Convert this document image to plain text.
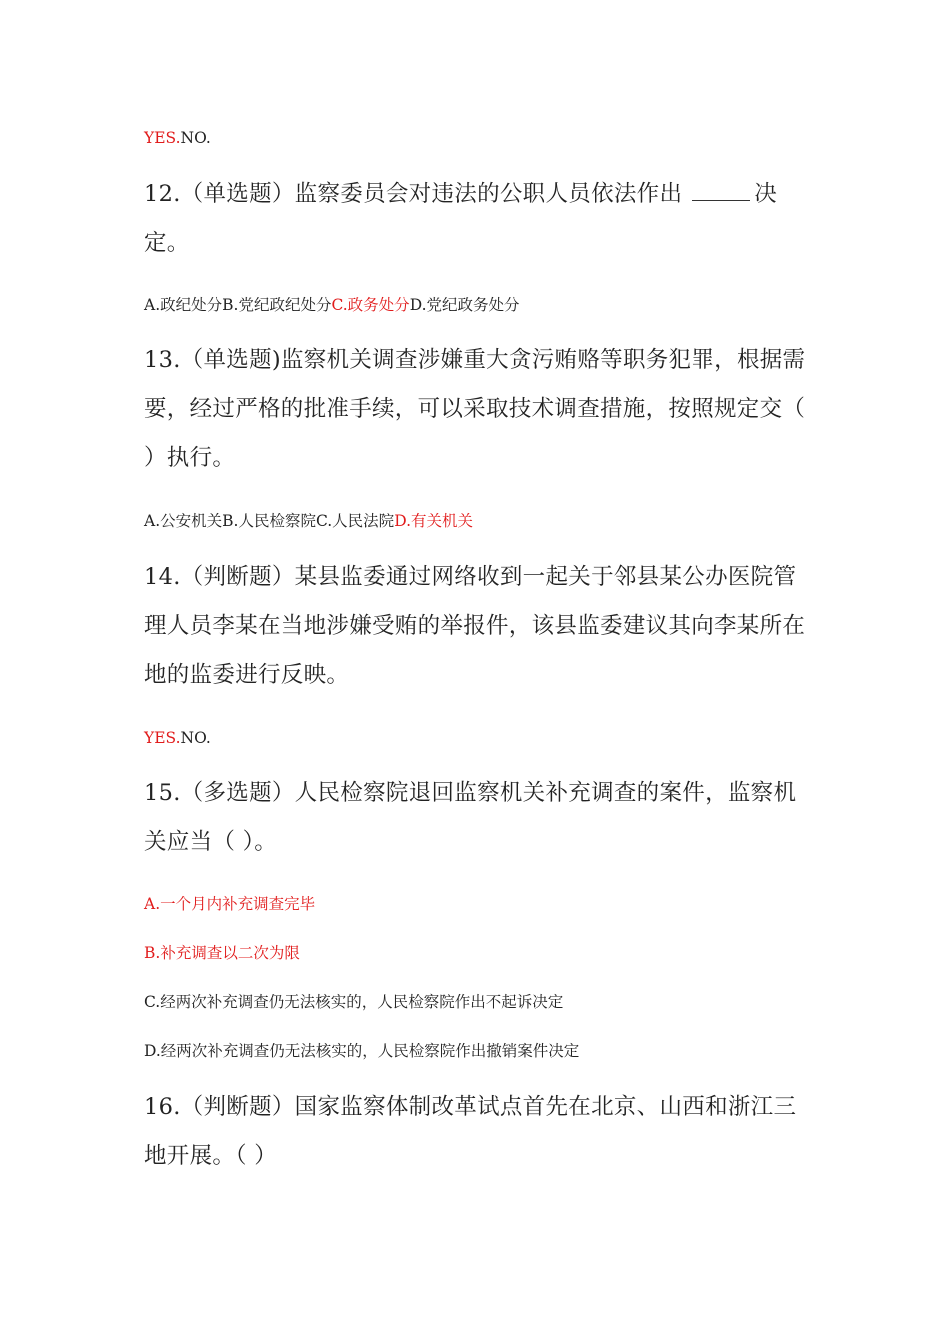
YES.NO.
12.（单选题）监察委员会对违法的公职人员依法作出	决定。
A.政纪处分B.党纪政纪处分C.政务处分D.党纪政务处分
13.（单选题)监察机关调查涉嫌重大贪污贿赂等职务犯罪，根据需要，经过严格的批准手续，可以采取技术调查措施，按照规定交（ ）执行。
A.公安机关B.人民检察院C.人民法院D.有关机关
14.（判断题）某县监委通过网络收到一起关于邻县某公办医院管理人员李某在当地涉嫌受贿的举报件，该县监委建议其向李某所在地的监委进行反映。
YES.NO.
15.（多选题）人民检察院退回监察机关补充调查的案件，监察机关应当（ ）。
A.一个月内补充调查完毕
B.补充调查以二次为限
C.经两次补充调查仍无法核实的，人民检察院作出不起诉决定
D.经两次补充调查仍无法核实的，人民检察院作出撤销案件决定
16.（判断题）国家监察体制改革试点首先在北京、山西和浙江三地开展。（ ）
